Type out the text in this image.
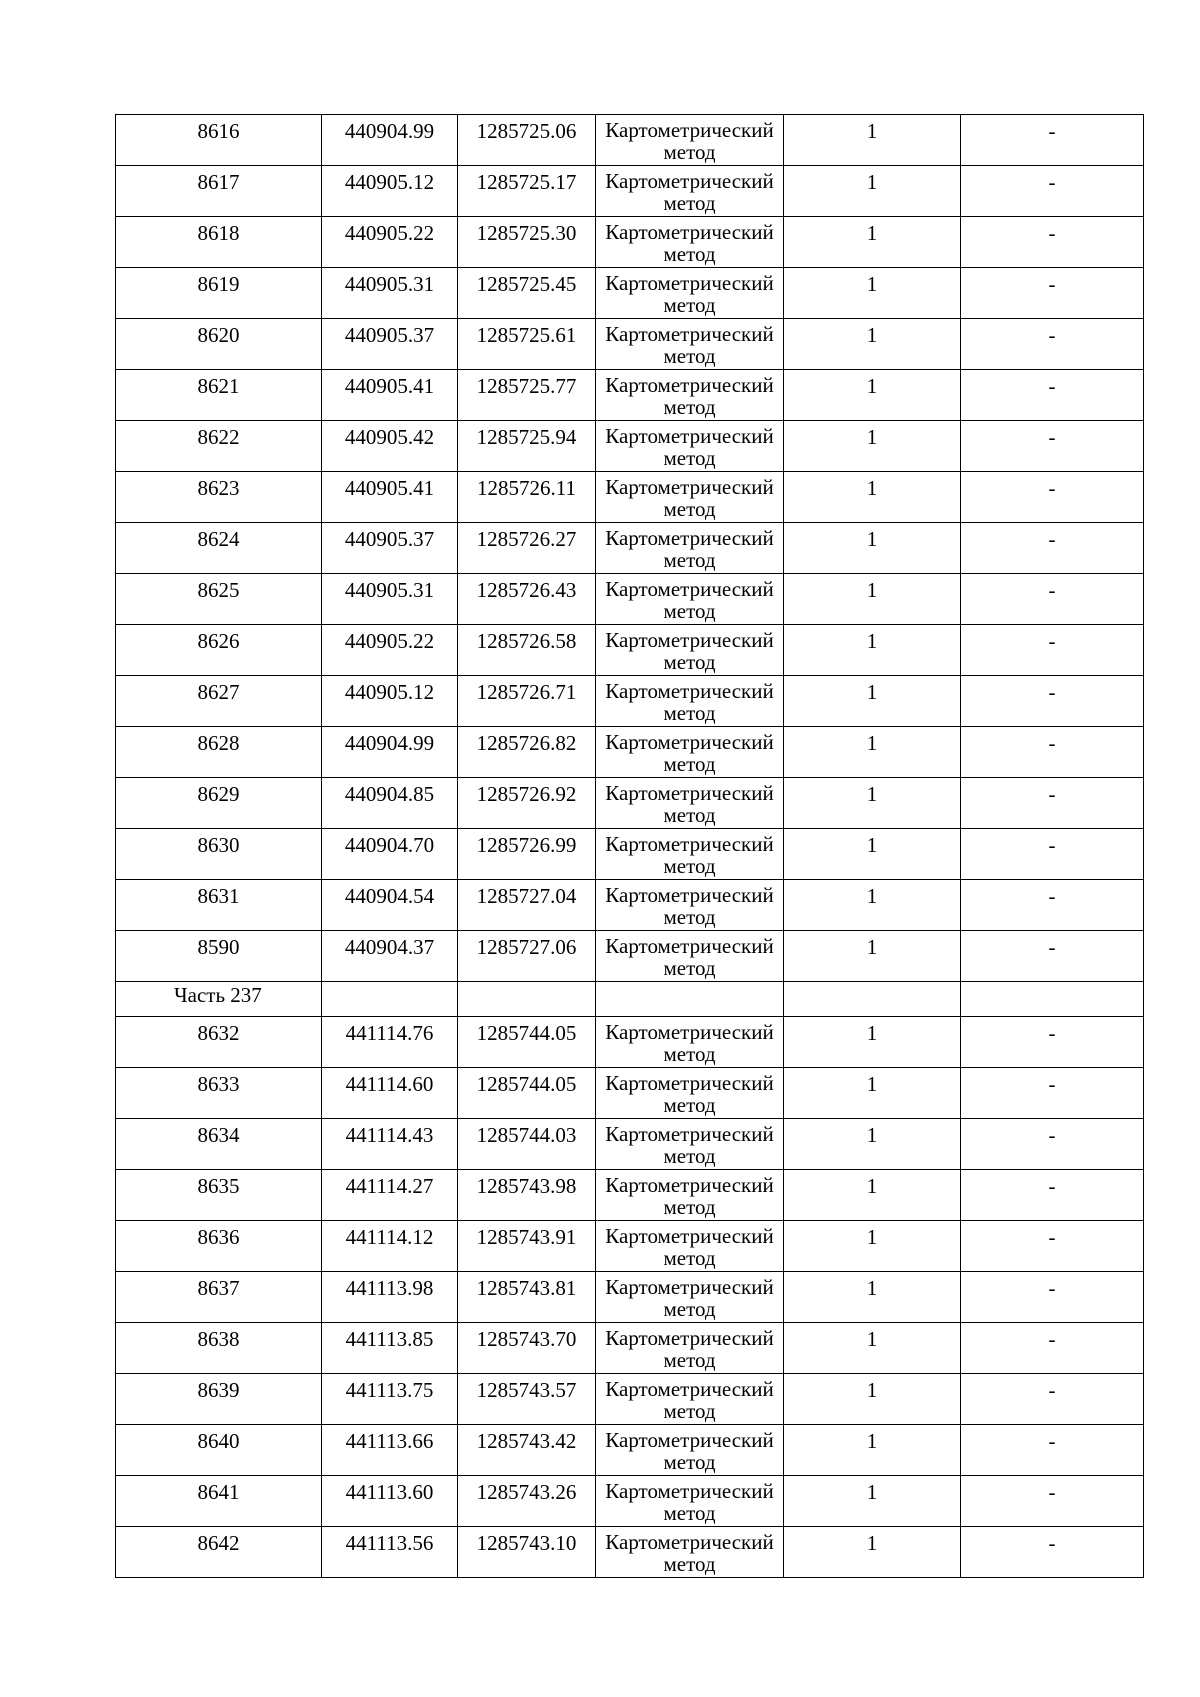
8616	440904.99	1285725.06	Картометрический метод	1	-
8617	440905.12	1285725.17	Картометрический метод	1	-
8618	440905.22	1285725.30	Картометрический метод	1	-
8619	440905.31	1285725.45	Картометрический метод	1	-
8620	440905.37	1285725.61	Картометрический метод	1	-
8621	440905.41	1285725.77	Картометрический метод	1	-
8622	440905.42	1285725.94	Картометрический метод	1	-
8623	440905.41	1285726.11	Картометрический метод	1	-
8624	440905.37	1285726.27	Картометрический метод	1	-
8625	440905.31	1285726.43	Картометрический метод	1	-
8626	440905.22	1285726.58	Картометрический метод	1	-
8627	440905.12	1285726.71	Картометрический метод	1	-
8628	440904.99	1285726.82	Картометрический метод	1	-
8629	440904.85	1285726.92	Картометрический метод	1	-
8630	440904.70	1285726.99	Картометрический метод	1	-
8631	440904.54	1285727.04	Картометрический метод	1	-
8590	440904.37	1285727.06	Картометрический метод	1	-
Часть 237					
8632	441114.76	1285744.05	Картометрический метод	1	-
8633	441114.60	1285744.05	Картометрический метод	1	-
8634	441114.43	1285744.03	Картометрический метод	1	-
8635	441114.27	1285743.98	Картометрический метод	1	-
8636	441114.12	1285743.91	Картометрический метод	1	-
8637	441113.98	1285743.81	Картометрический метод	1	-
8638	441113.85	1285743.70	Картометрический метод	1	-
8639	441113.75	1285743.57	Картометрический метод	1	-
8640	441113.66	1285743.42	Картометрический метод	1	-
8641	441113.60	1285743.26	Картометрический метод	1	-
8642	441113.56	1285743.10	Картометрический метод	1	-
